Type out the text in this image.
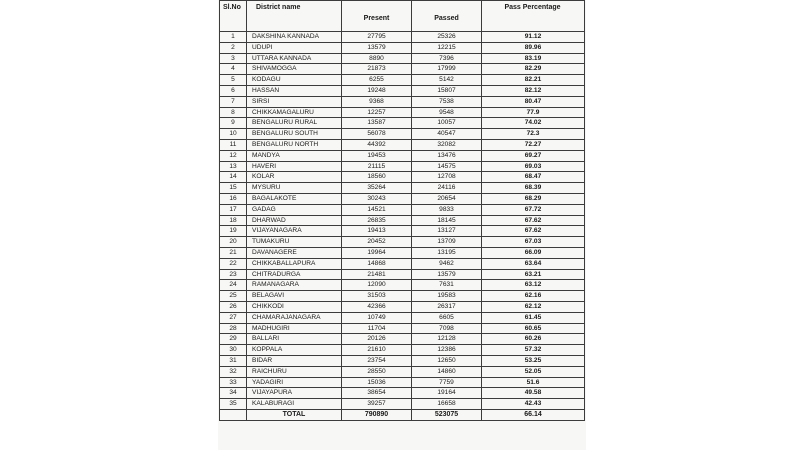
Sl.No	District name	Present	Passed	Pass Percentage
1	DAKSHINA KANNADA	27795	25326	91.12
2	UDUPI	13579	12215	89.96
3	UTTARA KANNADA	8890	7396	83.19
4	SHIVAMOGGA	21873	17999	82.29
5	KODAGU	6255	5142	82.21
6	HASSAN	19248	15807	82.12
7	SIRSI	9368	7538	80.47
8	CHIKKAMAGALURU	12257	9548	77.9
9	BENGALURU RURAL	13587	10057	74.02
10	BENGALURU SOUTH	56078	40547	72.3
11	BENGALURU NORTH	44392	32082	72.27
12	MANDYA	19453	13476	69.27
13	HAVERI	21115	14575	69.03
14	KOLAR	18560	12708	68.47
15	MYSURU	35264	24116	68.39
16	BAGALAKOTE	30243	20654	68.29
17	GADAG	14521	9833	67.72
18	DHARWAD	26835	18145	67.62
19	VIJAYANAGARA	19413	13127	67.62
20	TUMAKURU	20452	13709	67.03
21	DAVANAGERE	19964	13195	66.09
22	CHIKKABALLAPURA	14868	9462	63.64
23	CHITRADURGA	21481	13579	63.21
24	RAMANAGARA	12090	7631	63.12
25	BELAGAVI	31503	19583	62.16
26	CHIKKODI	42366	26317	62.12
27	CHAMARAJANAGARA	10749	6605	61.45
28	MADHUGIRI	11704	7098	60.65
29	BALLARI	20126	12128	60.26
30	KOPPALA	21610	12386	57.32
31	BIDAR	23754	12650	53.25
32	RAICHURU	28550	14860	52.05
33	YADAGIRI	15036	7759	51.6
34	VIJAYAPURA	38654	19164	49.58
35	KALABURAGI	39257	16658	42.43
	TOTAL	790890	523075	66.14
